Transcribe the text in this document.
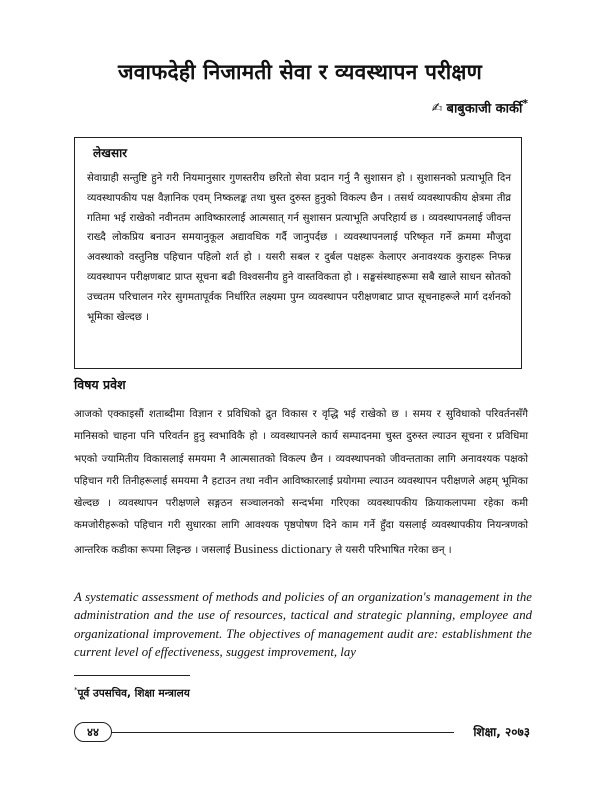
जवाफदेही निजामती सेवा र व्यवस्थापन परीक्षण
✍ बाबुकाजी कार्की*
लेखसार

सेवाग्राही सन्तुष्टि हुने गरी नियमानुसार गुणस्तरीय छरितो सेवा प्रदान गर्नु नै सुशासन हो । सुशासनको प्रत्याभूति दिन व्यवस्थापकीय पक्ष वैज्ञानिक एवम् निष्कलङ्क तथा चुस्त दुरुस्त हुनुको विकल्प छैन । तसर्थ व्यवस्थापकीय क्षेत्रमा तीव्र गतिमा भई राखेको नवीनतम आविष्कारलाई आत्मसात् गर्न सुशासन प्रत्याभूति अपरिहार्य छ । व्यवस्थापनलाई जीवन्त राख्दै लोकप्रिय बनाउन समयानुकूल अद्यावधिक गर्दै जानुपर्दछ । व्यवस्थापनलाई परिष्कृत गर्ने क्रममा मौजुदा अवस्थाको वस्तुनिष्ठ पहिचान पहिलो शर्त हो । यसरी सबल र दुर्बल पक्षहरू केलाएर अनावश्यक कुराहरू निफन्न व्यवस्थापन परीक्षणबाट प्राप्त सूचना बढी विश्वसनीय हुने वास्तविकता हो । सङ्घसंस्थाहरूमा सबै खाले साधन स्रोतको उच्चतम परिचालन गरेर सुगमतापूर्वक निर्धारित लक्ष्यमा पुग्न व्यवस्थापन परीक्षणबाट प्राप्त सूचनाहरूले मार्ग दर्शनको भूमिका खेल्दछ ।

विषय प्रवेश

आजको एक्काइसौं शताब्दीमा विज्ञान र प्रविधिको द्रुत विकास र वृद्धि भई राखेको छ । समय र सुविधाको परिवर्तनसँगै मानिसको चाहना पनि परिवर्तन हुनु स्वभाविकै हो । व्यवस्थापनले कार्य सम्पादनमा चुस्त दुरुस्त ल्याउन सूचना र प्रविधिमा भएको ज्यामितीय विकासलाई समयमा नै आत्मसातको विकल्प छैन । व्यवस्थापनको जीवन्तताका लागि अनावश्यक पक्षको पहिचान गरी तिनीहरूलाई समयमा नै हटाउन तथा नवीन आविष्कारलाई प्रयोगमा ल्याउन व्यवस्थापन परीक्षणले अहम् भूमिका खेल्दछ । व्यवस्थापन परीक्षणले सङ्गठन सञ्चालनको सन्दर्भमा गरिएका व्यवस्थापकीय क्रियाकलापमा रहेका कमी कमजोरीहरूको पहिचान गरी सुधारका लागि आवश्यक पृष्ठपोषण दिने काम गर्ने हुँदा यसलाई व्यवस्थापकीय नियन्त्रणको आन्तरिक कडीका रूपमा लिइन्छ । जसलाई Business dictionary ले यसरी परिभाषित गरेका छन् ।

A systematic assessment of methods and policies of an organization's management in the administration and the use of resources, tactical and strategic planning, employee and organizational improvement. The objectives of management audit are: establishment the current level of effectiveness, suggest improvement, lay

*पूर्व उपसचिव, शिक्षा मन्त्रालय
४४	शिक्षा, २०७३
